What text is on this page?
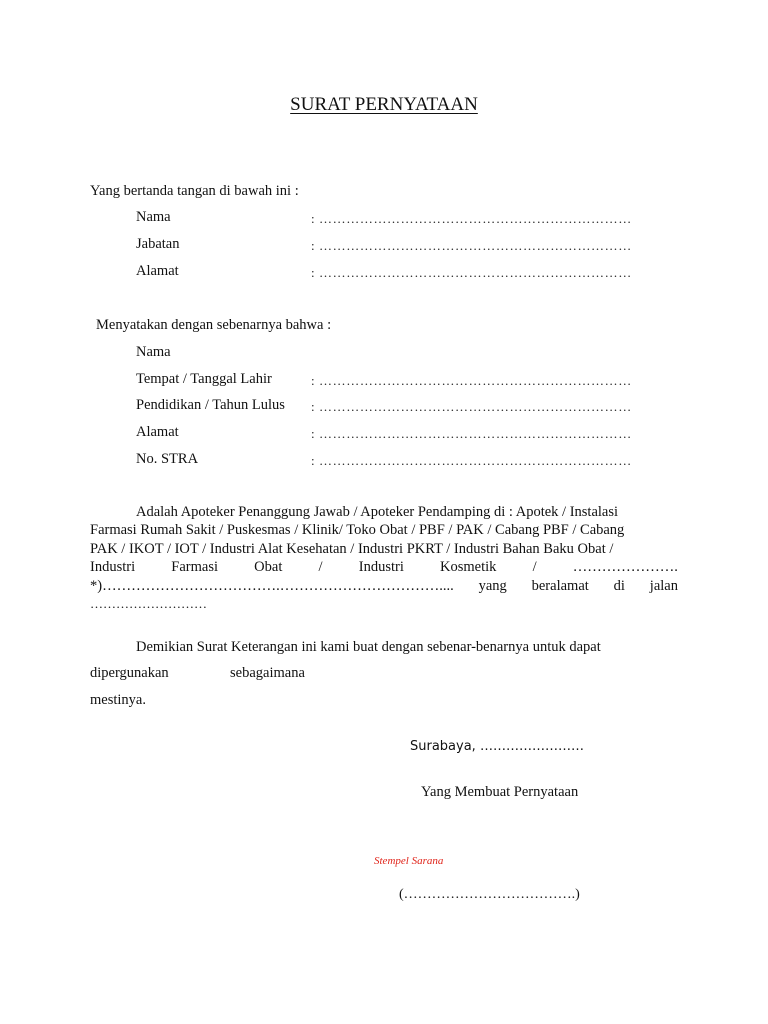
SURAT PERNYATAAN
Yang bertanda tangan di bawah ini :
Nama	: ……………………………………………………………
Jabatan	: ……………………………………………………………
Alamat	: ……………………………………………………………
Menyatakan dengan sebenarnya bahwa :
Nama
Tempat / Tanggal Lahir	: ……………………………………………………………
Pendidikan / Tahun Lulus : ……………………………………………………………
Alamat	: ……………………………………………………………
No. STRA	: ……………………………………………………………
Adalah Apoteker Penanggung Jawab / Apoteker Pendamping di : Apotek / Instalasi
Farmasi Rumah Sakit / Puskesmas / Klinik/ Toko Obat / PBF / PAK / Cabang PBF / Cabang
PAK / IKOT / IOT / Industri Alat Kesehatan / Industri PKRT / Industri Bahan Baku Obat /
Industri Farmasi Obat / Industri Kosmetik / ………………….
*)……………………………….…………………………….... yang beralamat di jalan
………………………
Demikian Surat Keterangan ini kami buat dengan sebenar-benarnya untuk dapat
dipergunakan	sebagaimana
mestinya.
Surabaya, ……………………
Yang Membuat Pernyataan
Stempel Sarana
(……………………………….)
